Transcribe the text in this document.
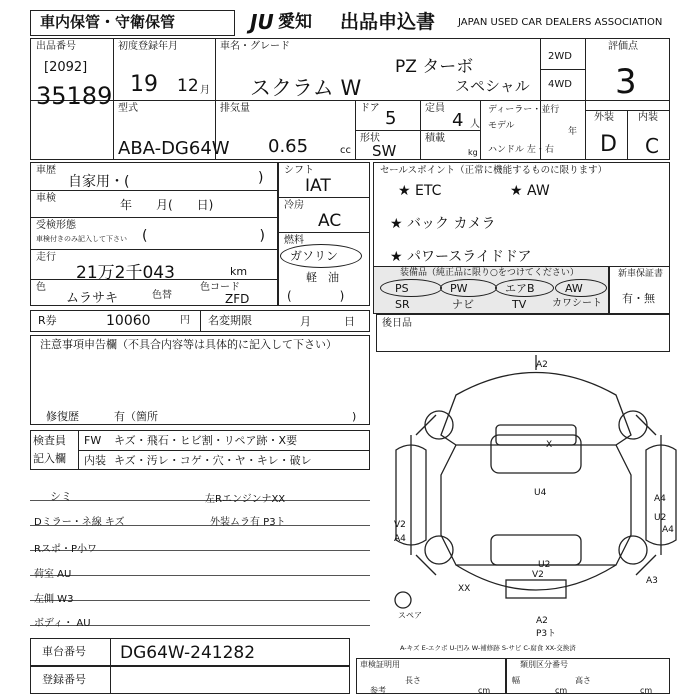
車内保管・守衛保管	JU 愛知 出品申込書 JAPAN USED CAR DEALERS ASSOCIATION
出品番号
[2092]
35189
初度登録年月
19 12 月
車名・グレード
スクラム W
PZ ターボ
スペシャル
2WD
4WD
評価点
3
型式
ABA-DG64W
排気量
0.65	cc
ドア 5
形状
SW
定員
4 人
積載
kg
ディーラー・並行
モデル
年
ハンドル 左・右
外装 内装
D C
車歴
自家用・(	)
車検	年　　月(　　日)
受検形態
車検付きのみ記入して下さい (　　　　　　　　)
走行
21万2千043	km
色
ムラサキ	色替
色コード
ZFD
シフト
IAT
冷房
AC
燃料
ガソリン
軽　油
(　　　　)
セールスポイント（正常に機能するものに限ります）
★ ETC	★ AW
★ バック カメラ
★ パワースライドドア
装備品（純正品に限り○をつけてください）
PS	PW	エアB	AW
SR	ナビ	TV	カワシート
新車保証書
有・無
R券	10060	円 名変期限	月　　　日	後日品
注意事項申告欄（不具合内容等は具体的に記入して下さい）
修復歴	有（箇所	)
検査員
記入欄
FW キズ・飛石・ヒビ割・リペア跡・X要
内装 キズ・汚レ・コゲ・穴・ヤ・キレ・破レ
シミ
Dミラー・ネ線 キズ
Rスポ・P小ワ
荷室 AU
左側 W3
ボディ・ AU
左RエンジンナXX
外装ムラ有 P3ト
A2
X
U4
A4
V2
A4
U2
A4
U2
V2
A3
XX
A2
P3ト
スペア
A-キズ E-エクボ U-凹み W-補修跡 S-サビ C-腐食 XX-交換済
車台番号 DG64W-241282
登録番号
車検証明用
長さ
参考	cm
類別区分番号
幅
cm
高さ
cm
